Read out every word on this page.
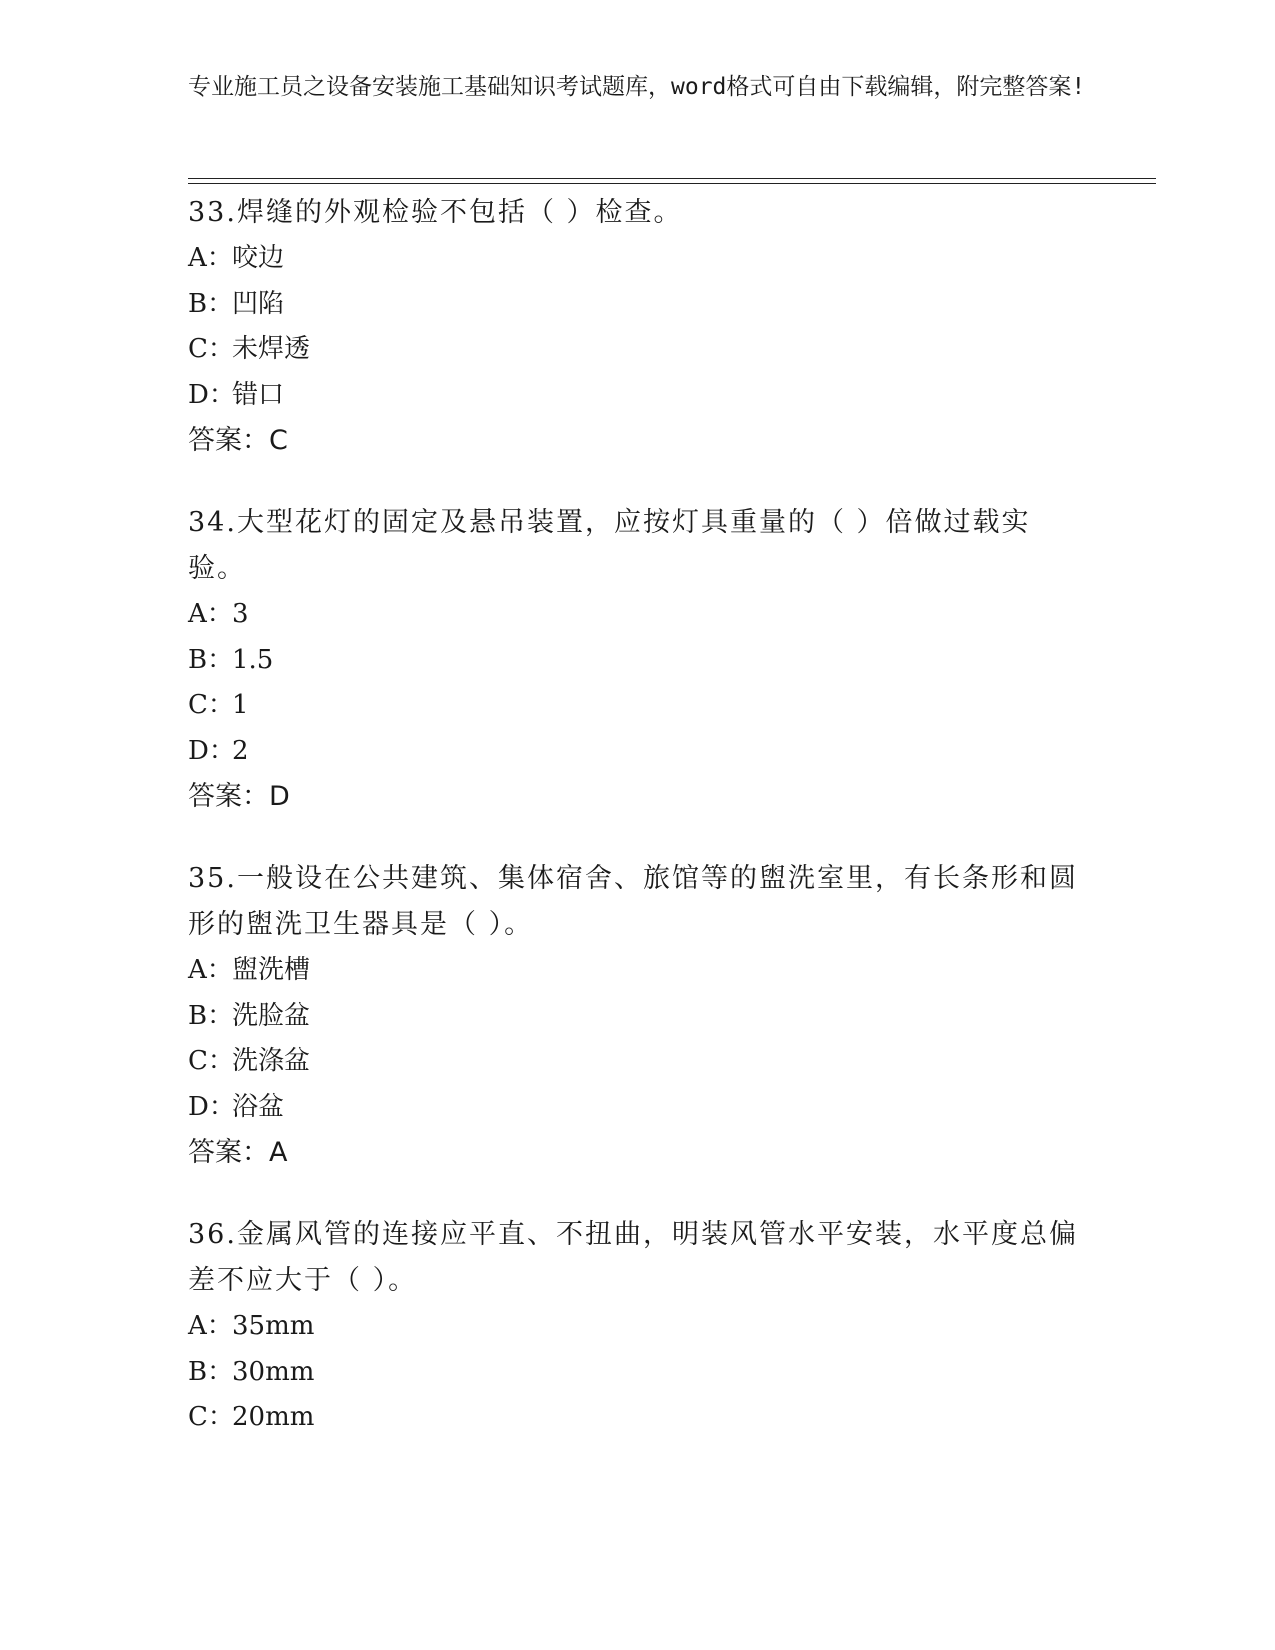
专业施工员之设备安装施工基础知识考试题库，word格式可自由下载编辑，附完整答案!

33.焊缝的外观检验不包括（ ）检查。

A：咬边

B：凹陷

C：未焊透

D：错口

答案：C

34.大型花灯的固定及悬吊装置，应按灯具重量的（ ）倍做过载实验。

A：3

B：1.5

C：1

D：2

答案：D

35.一般设在公共建筑、集体宿舍、旅馆等的盥洗室里，有长条形和圆形的盥洗卫生器具是（ ）。

A：盥洗槽

B：洗脸盆

C：洗涤盆

D：浴盆

答案：A

36.金属风管的连接应平直、不扭曲，明装风管水平安装，水平度总偏差不应大于（ ）。

A：35mm

B：30mm

C：20mm
